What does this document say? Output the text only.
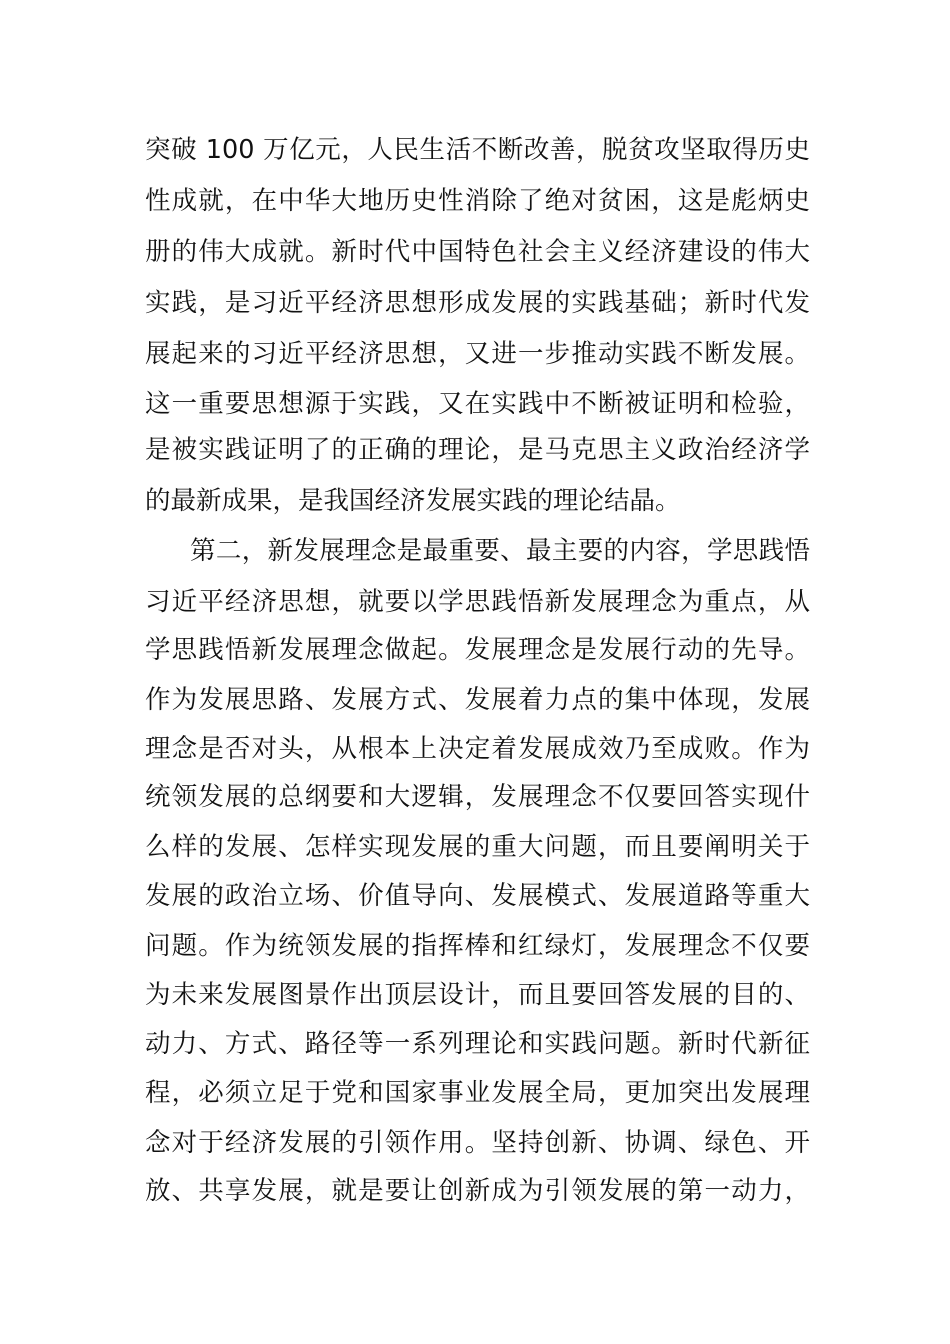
突破 100 万亿元，人民生活不断改善，脱贫攻坚取得历史
性成就，在中华大地历史性消除了绝对贫困，这是彪炳史
册的伟大成就。新时代中国特色社会主义经济建设的伟大
实践，是习近平经济思想形成发展的实践基础；新时代发
展起来的习近平经济思想，又进一步推动实践不断发展。
这一重要思想源于实践，又在实践中不断被证明和检验，
是被实践证明了的正确的理论，是马克思主义政治经济学
的最新成果，是我国经济发展实践的理论结晶。
第二，新发展理念是最重要、最主要的内容，学思践悟
习近平经济思想，就要以学思践悟新发展理念为重点，从
学思践悟新发展理念做起。发展理念是发展行动的先导。
作为发展思路、发展方式、发展着力点的集中体现，发展
理念是否对头，从根本上决定着发展成效乃至成败。作为
统领发展的总纲要和大逻辑，发展理念不仅要回答实现什
么样的发展、怎样实现发展的重大问题，而且要阐明关于
发展的政治立场、价值导向、发展模式、发展道路等重大
问题。作为统领发展的指挥棒和红绿灯，发展理念不仅要
为未来发展图景作出顶层设计，而且要回答发展的目的、
动力、方式、路径等一系列理论和实践问题。新时代新征
程，必须立足于党和国家事业发展全局，更加突出发展理
念对于经济发展的引领作用。坚持创新、协调、绿色、开
放、共享发展，就是要让创新成为引领发展的第一动力，
